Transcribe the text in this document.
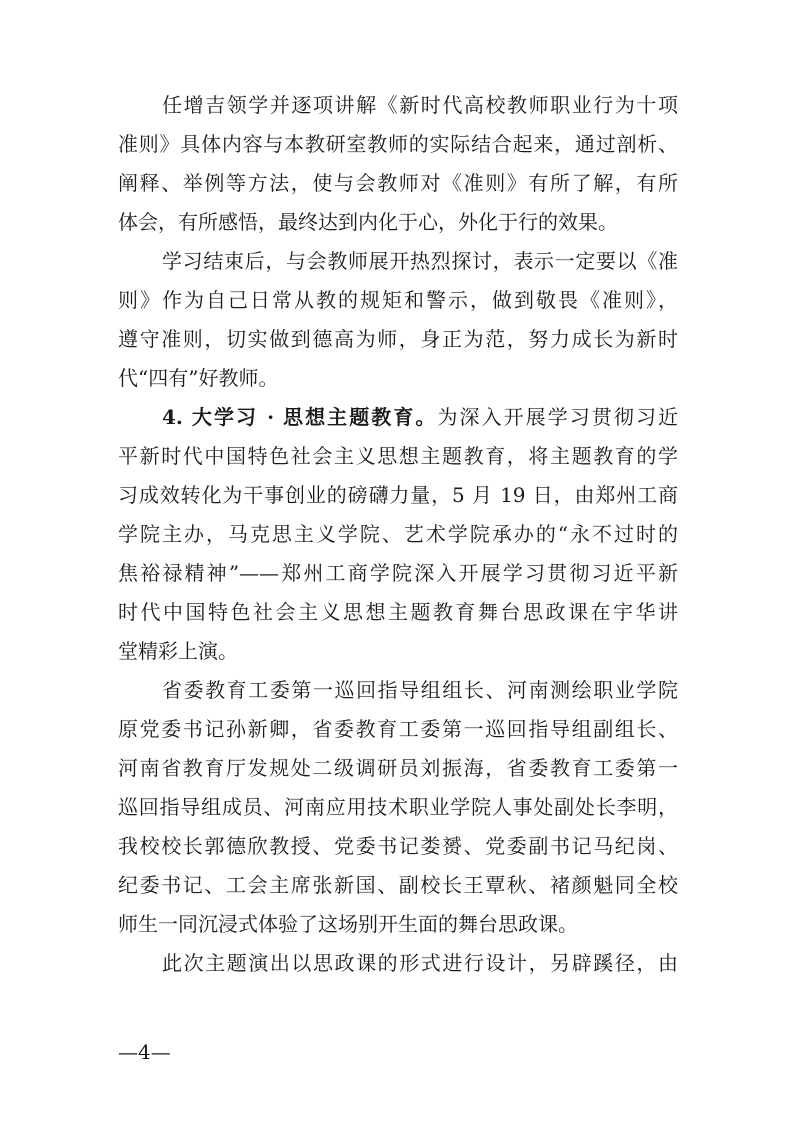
任增吉领学并逐项讲解《新时代高校教师职业行为十项
准则》具体内容与本教研室教师的实际结合起来，通过剖析、
阐释、举例等方法，使与会教师对《准则》有所了解，有所
体会，有所感悟，最终达到内化于心，外化于行的效果。
学习结束后，与会教师展开热烈探讨，表示一定要以《准
则》作为自己日常从教的规矩和警示，做到敬畏《准则》，
遵守准则，切实做到德高为师，身正为范，努力成长为新时
代“四有”好教师。
4. 大学习 · 思想主题教育。为深入开展学习贯彻习近
平新时代中国特色社会主义思想主题教育，将主题教育的学
习成效转化为干事创业的磅礴力量，5 月 19 日，由郑州工商
学院主办，马克思主义学院、艺术学院承办的“永不过时的
焦裕禄精神”——郑州工商学院深入开展学习贯彻习近平新
时代中国特色社会主义思想主题教育舞台思政课在宇华讲
堂精彩上演。
省委教育工委第一巡回指导组组长、河南测绘职业学院
原党委书记孙新卿，省委教育工委第一巡回指导组副组长、
河南省教育厅发规处二级调研员刘振海，省委教育工委第一
巡回指导组成员、河南应用技术职业学院人事处副处长李明，
我校校长郭德欣教授、党委书记娄赟、党委副书记马纪岗、
纪委书记、工会主席张新国、副校长王覃秋、褚颜魁同全校
师生一同沉浸式体验了这场别开生面的舞台思政课。
此次主题演出以思政课的形式进行设计，另辟蹊径，由
—4—
